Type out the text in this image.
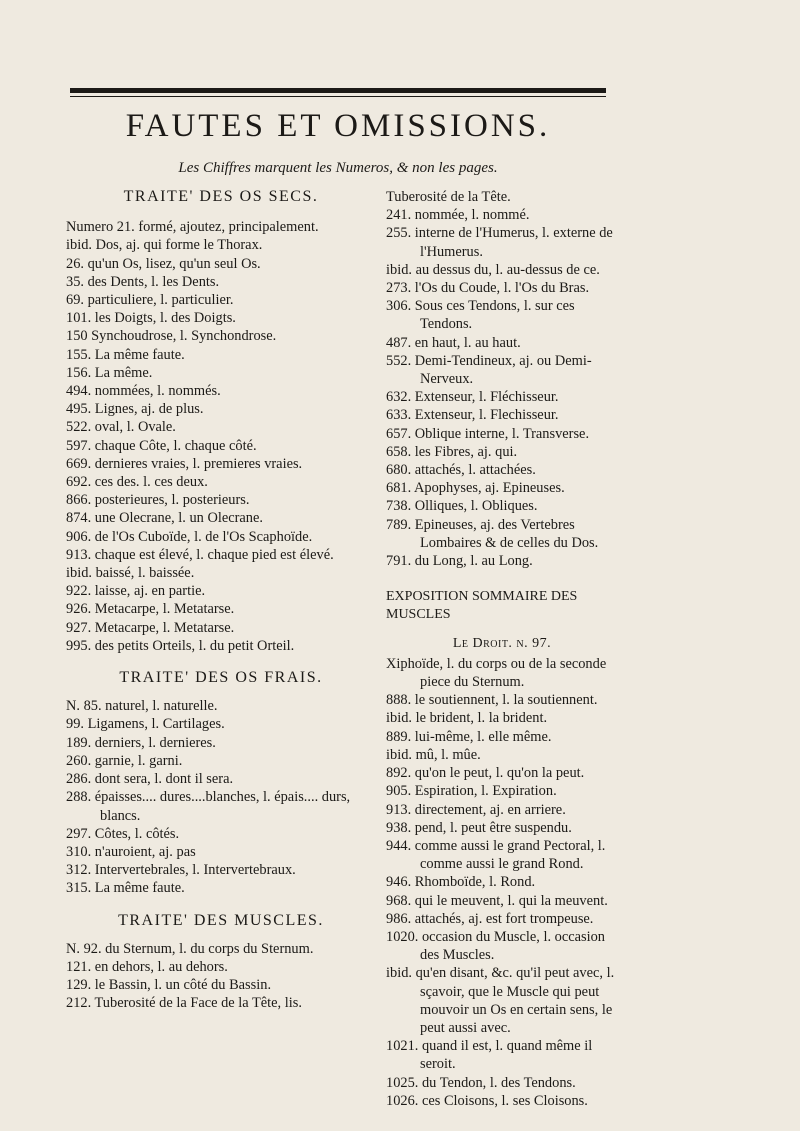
FAUTES ET OMISSIONS.
Les Chiffres marquent les Numeros, & non les pages.
TRAITE' DES OS SECS.
Numero 21. formé, ajoutez, principalement.
ibid. Dos, aj. qui forme le Thorax.
26. qu'un Os, lisez, qu'un seul Os.
35. des Dents, l. les Dents.
69. particuliere, l. particulier.
101. les Doigts, l. des Doigts.
150 Synchoudrose, l. Synchondrose.
155. La même faute.
156. La même.
494. nommées, l. nommés.
495. Lignes, aj. de plus.
522. oval, l. Ovale.
597. chaque Côte, l. chaque côté.
669. dernieres vraies, l. premieres vraies.
692. ces des. l. ces deux.
866. posterieures, l. posterieurs.
874. une Olecrane, l. un Olecrane.
906. de l'Os Cuboïde, l. de l'Os Scaphoïde.
913. chaque est élevé, l. chaque pied est élevé.
ibid. baissé, l. baissée.
922. laisse, aj. en partie.
926. Metacarpe, l. Metatarse.
927. Metacarpe, l. Metatarse.
995. des petits Orteils, l. du petit Orteil.
TRAITE' DES OS FRAIS.
N. 85. naturel, l. naturelle.
99. Ligamens, l. Cartilages.
189. derniers, l. dernieres.
260. garnie, l. garni.
286. dont sera, l. dont il sera.
288. épaisses.... dures....blanches, l. épais.... durs, blancs.
297. Côtes, l. côtés.
310. n'auroient, aj. pas
312. Intervertebrales, l. Intervertebraux.
315. La même faute.
TRAITE' DES MUSCLES.
N. 92. du Sternum, l. du corps du Sternum.
121. en dehors, l. au dehors.
129. le Bassin, l. un côté du Bassin.
212. Tuberosité de la Face de la Tête, lis.
Tuberosité de la Tête.
241. nommée, l. nommé.
255. interne de l'Humerus, l. externe de l'Humerus.
ibid. au dessus du, l. au-dessus de ce.
273. l'Os du Coude, l. l'Os du Bras.
306. Sous ces Tendons, l. sur ces Tendons.
487. en haut, l. au haut.
552. Demi-Tendineux, aj. ou Demi-Nerveux.
632. Extenseur, l. Fléchisseur.
633. Extenseur, l. Flechisseur.
657. Oblique interne, l. Transverse.
658. les Fibres, aj. qui.
680. attachés, l. attachées.
681. Apophyses, aj. Epineuses.
738. Olliques, l. Obliques.
789. Epineuses, aj. des Vertebres Lombaires & de celles du Dos.
791. du Long, l. au Long.
EXPOSITION SOMMAIRE DES MUSCLES
Le Droit. n. 97.
Xiphoïde, l. du corps ou de la seconde piece du Sternum.
888. le soutiennent, l. la soutiennent.
ibid. le brident, l. la brident.
889. lui-même, l. elle même.
ibid. mû, l. mûe.
892. qu'on le peut, l. qu'on la peut.
905. Espiration, l. Expiration.
913. directement, aj. en arriere.
938. pend, l. peut être suspendu.
944. comme aussi le grand Pectoral, l. comme aussi le grand Rond.
946. Rhomboïde, l. Rond.
968. qui le meuvent, l. qui la meuvent.
986. attachés, aj. est fort trompeuse.
1020. occasion du Muscle, l. occasion des Muscles.
ibid. qu'en disant, &c. qu'il peut avec, l. sçavoir, que le Muscle qui peut mouvoir un Os en certain sens, le peut aussi avec.
1021. quand il est, l. quand même il seroit.
1025. du Tendon, l. des Tendons.
1026. ces Cloisons, l. ses Cloisons.
